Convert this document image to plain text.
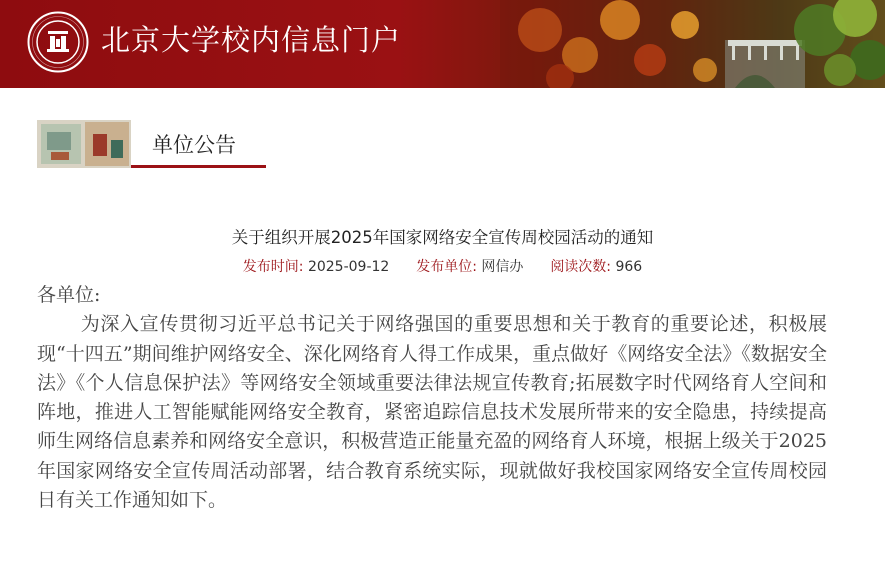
北京大学校内信息门户
单位公告
关于组织开展2025年国家网络安全宣传周校园活动的通知
发布时间: 2025-09-12 发布单位: 网信办 阅读次数: 966

各单位:

为深入宣传贯彻习近平总书记关于网络强国的重要思想和关于教育的重要论述，积极展现“十四五”期间维护网络安全、深化网络育人得工作成果，重点做好《网络安全法》《数据安全法》《个人信息保护法》等网络安全领域重要法律法规宣传教育;拓展数字时代网络育人空间和阵地，推进人工智能赋能网络安全教育，紧密追踪信息技术发展所带来的安全隐患，持续提高师生网络信息素养和网络安全意识，积极营造正能量充盈的网络育人环境，根据上级关于2025年国家网络安全宣传周活动部署，结合教育系统实际，现就做好我校国家网络安全宣传周校园日有关工作通知如下。
